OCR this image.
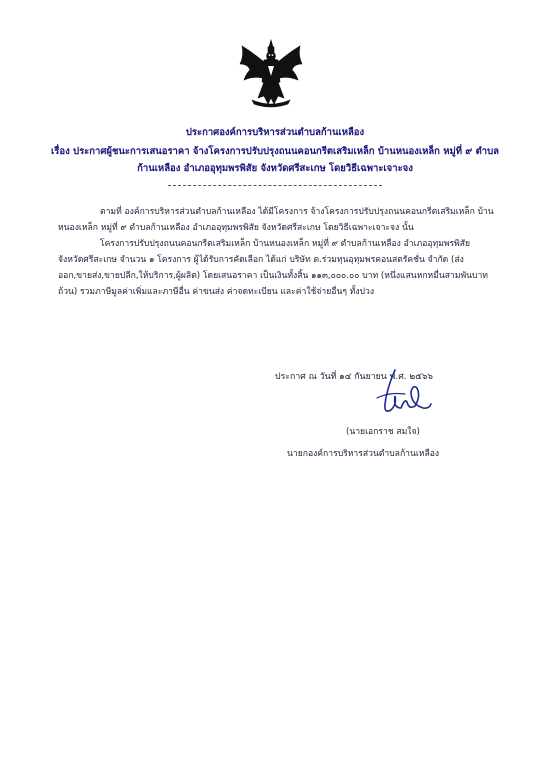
ประกาศองค์การบริหารส่วนตำบลก้านเหลือง
เรื่อง ประกาศผู้ชนะการเสนอราคา จ้างโครงการปรับปรุงถนนคอนกรีตเสริมเหล็ก บ้านหนองเหล็ก หมู่ที่ ๙ ตำบล
ก้านเหลือง อำเภออุทุมพรพิสัย จังหวัดศรีสะเกษ โดยวิธีเฉพาะเจาะจง

ตามที่ องค์การบริหารส่วนตำบลก้านเหลือง ได้มีโครงการ จ้างโครงการปรับปรุงถนนคอนกรีตเสริมเหล็ก บ้านหนองเหล็ก หมู่ที่ ๙ ตำบลก้านเหลือง อำเภออุทุมพรพิสัย จังหวัดศรีสะเกษ โดยวิธีเฉพาะเจาะจง นั้น

โครงการปรับปรุงถนนคอนกรีตเสริมเหล็ก บ้านหนองเหล็ก หมู่ที่ ๙ ตำบลก้านเหลือง อำเภออุทุมพรพิสัย จังหวัดศรีสะเกษ จำนวน ๑ โครงการ ผู้ได้รับการคัดเลือก ได้แก่ บริษัท ต.ร่วมทุนอุทุมพรคอนสตรัคชั่น จำกัด (ส่งออก,ขายส่ง,ขายปลีก,ให้บริการ,ผู้ผลิต) โดยเสนอราคา เป็นเงินทั้งสิ้น ๑๑๓,๐๐๐.๐๐ บาท (หนึ่งแสนหกหมื่นสามพันบาทถ้วน) รวมภาษีมูลค่าเพิ่มและภาษีอื่น ค่าขนส่ง ค่าจดทะเบียน และค่าใช้จ่ายอื่นๆ ทั้งปวง

ประกาศ ณ วันที่ ๑๔ กันยายน พ.ศ. ๒๕๖๖
(นายเอกราช สมใจ)
นายกองค์การบริหารส่วนตำบลก้านเหลือง
